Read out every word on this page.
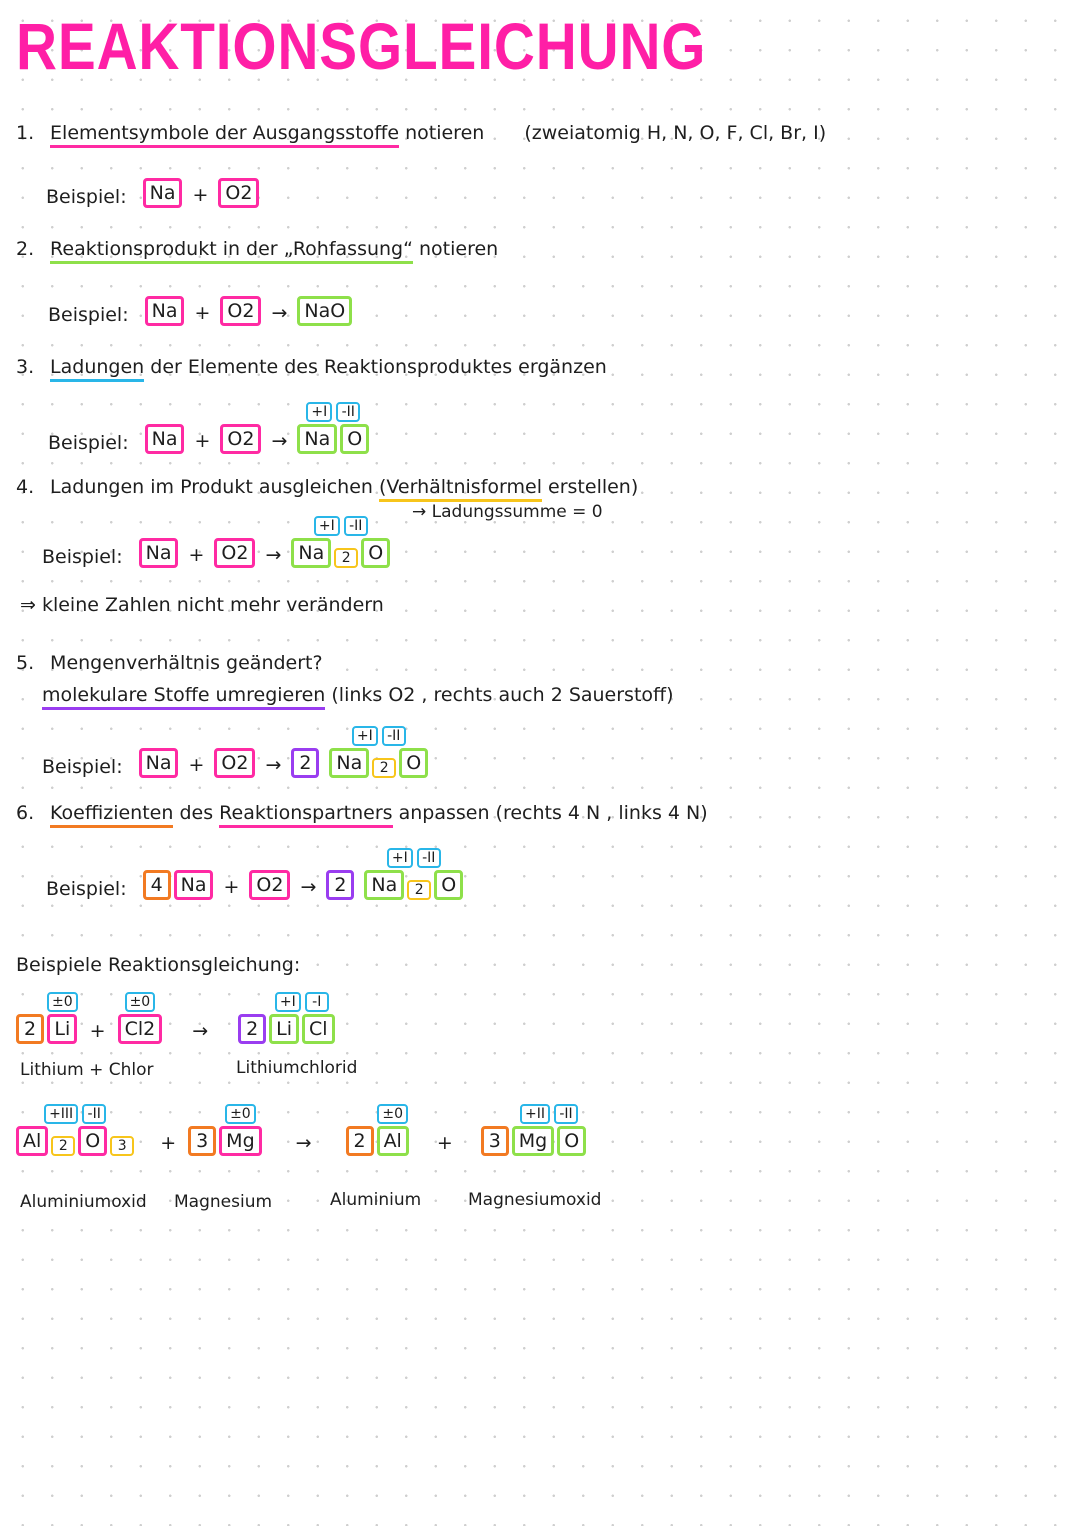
REAKTIONSGLEICHUNG
1. Elementsymbole der Ausgangsstoffe notieren (zweiatomig H, N, O, F, Cl, Br, I)
Beispiel:	Na + O2
2. Reaktionsprodukt in der „Rohfassung“ notieren
Beispiel:	Na + O2 → NaO
3. Ladungen der Elemente des Reaktionsproduktes ergänzen
Beispiel:	Na + O2 →
+I	-II
Na O
4. Ladungen im Produkt ausgleichen (Verhältnisformel erstellen)
→ Ladungssumme = 0
Beispiel:	Na + O2 →
+I	-II
Na	2 O
⇒ kleine Zahlen nicht mehr verändern
5. Mengenverhältnis geändert?
molekulare Stoffe umregieren (links O2 , rechts auch 2 Sauerstoff)
Beispiel:	Na + O2 → 2
+I	-II
Na	2 O
6. Koeffizienten des Reaktionspartners anpassen (rechts 4 N , links 4 N)
Beispiel:	4 Na + O2 → 2
+I	-II
Na	2 O
Beispiele Reaktionsgleichung:
2
±0
Li	+
±0
Cl2	→	2
+I	-I
Li Cl
Lithium + Chlor	Lithiumchlorid
+III	-II
Al	2 O	3	+	3
±0
Mg	→	2
±0
Al	+	3
+II	-II
Mg O
Aluminiumoxid Magnesium	Aluminium	Magnesiumoxid
